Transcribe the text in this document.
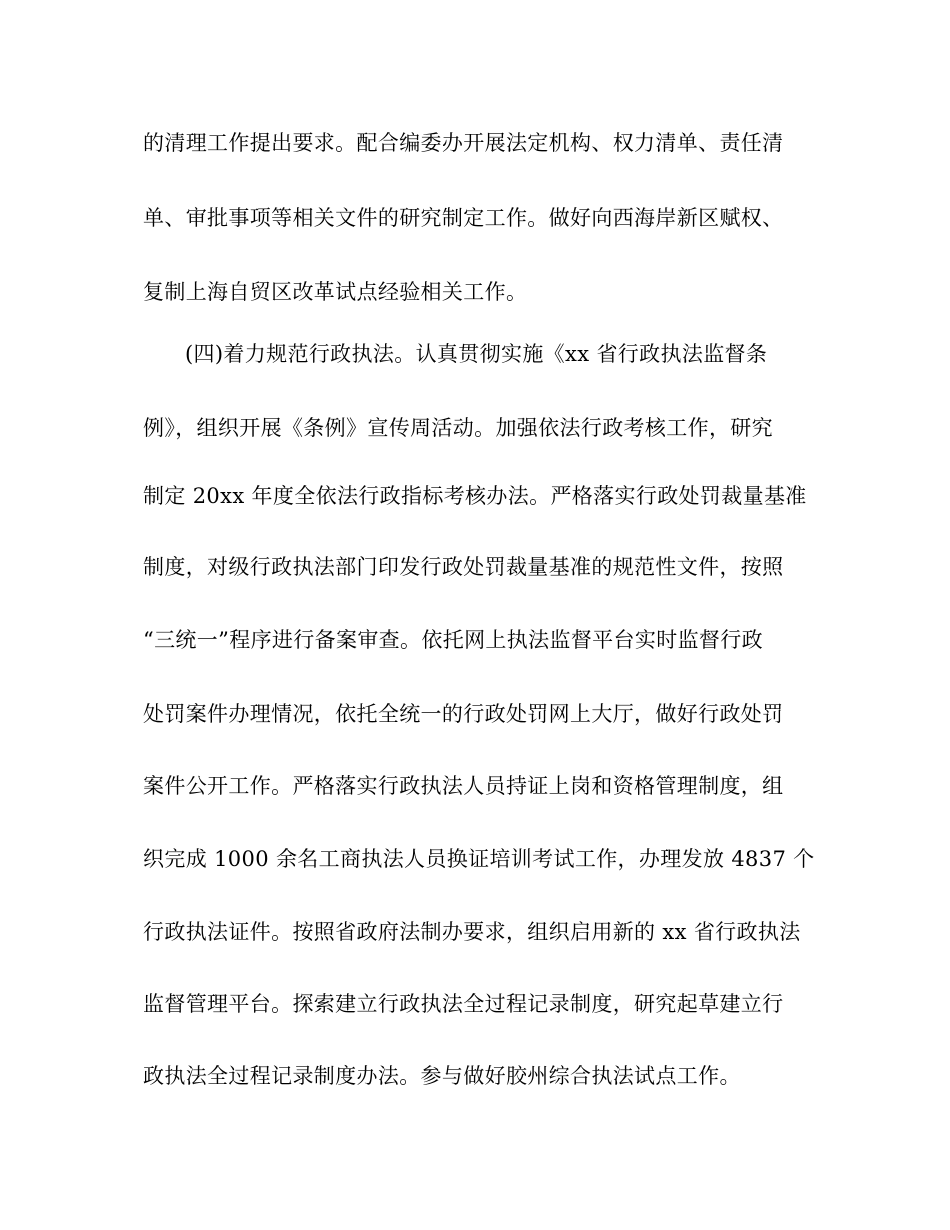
的清理工作提出要求。配合编委办开展法定机构、权力清单、责任清
单、审批事项等相关文件的研究制定工作。做好向西海岸新区赋权、
复制上海自贸区改革试点经验相关工作。
(四)着力规范行政执法。认真贯彻实施《xx 省行政执法监督条
例》，组织开展《条例》宣传周活动。加强依法行政考核工作，研究
制定 20xx 年度全依法行政指标考核办法。严格落实行政处罚裁量基准
制度，对级行政执法部门印发行政处罚裁量基准的规范性文件，按照
“三统一”程序进行备案审查。依托网上执法监督平台实时监督行政
处罚案件办理情况，依托全统一的行政处罚网上大厅，做好行政处罚
案件公开工作。严格落实行政执法人员持证上岗和资格管理制度，组
织完成 1000 余名工商执法人员换证培训考试工作，办理发放 4837 个
行政执法证件。按照省政府法制办要求，组织启用新的 xx 省行政执法
监督管理平台。探索建立行政执法全过程记录制度，研究起草建立行
政执法全过程记录制度办法。参与做好胶州综合执法试点工作。
